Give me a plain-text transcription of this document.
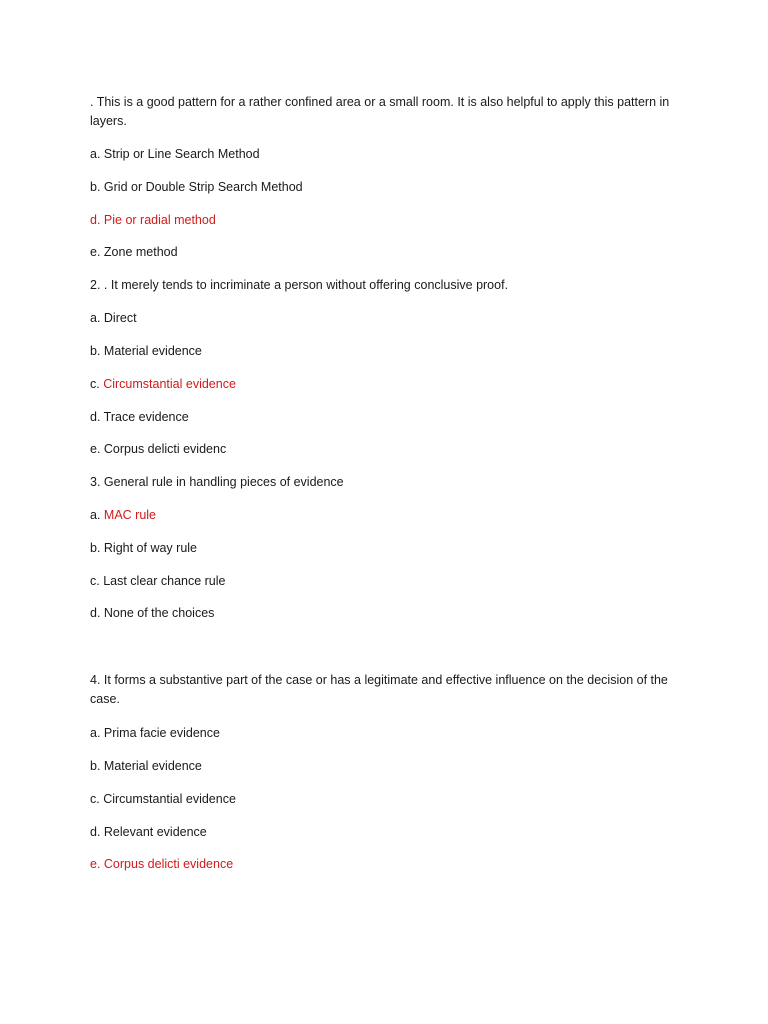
. This is a good pattern for a rather confined area or a small room. It is also helpful to apply this pattern in layers.
a. Strip or Line Search Method
b. Grid or Double Strip Search Method
d. Pie or radial method
e. Zone method
2. . It merely tends to incriminate a person without offering conclusive proof.
a. Direct
b. Material evidence
c. Circumstantial evidence
d. Trace evidence
e. Corpus delicti evidenc
3. General rule in handling pieces of evidence
a. MAC rule
b. Right of way rule
c. Last clear chance rule
d. None of the choices
4. It forms a substantive part of the case or has a legitimate and effective influence on the decision of the case.
a. Prima facie evidence
b. Material evidence
c. Circumstantial evidence
d. Relevant evidence
e. Corpus delicti evidence
